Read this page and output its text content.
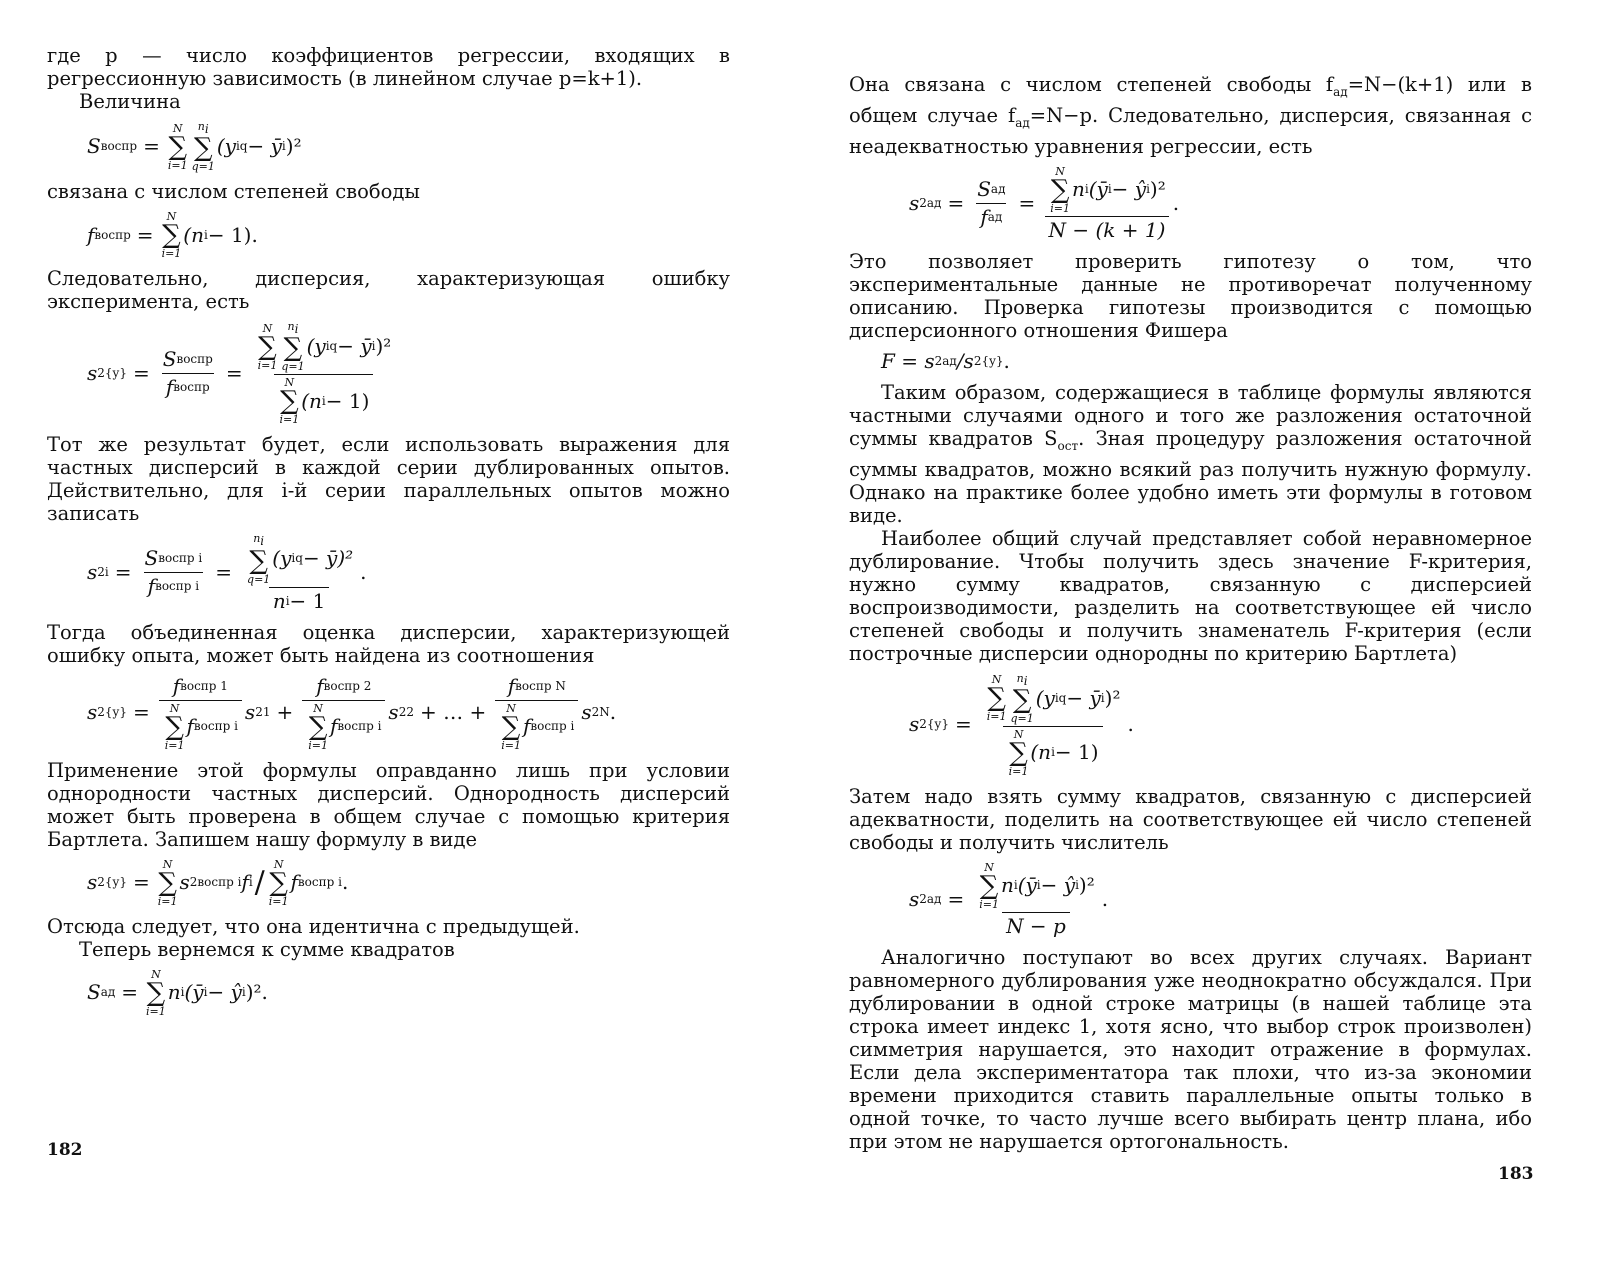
где p — число коэффициентов регрессии, входящих в регрессионную зависимость (в линейном случае p=k+1).

Величина

S воспр =
N
∑
i=1
$n_i$
∑
q=1
(y iq − ȳ i )²

связана с числом степеней свободы

f воспр =
N
∑
i=1
(n i − 1).

Следовательно, дисперсия, характеризующая ошибку эксперимента, есть

s 2 $\{y\} = \frac{\text{S воспр}}{\text{f воспр}} = N$
∑
i=1
$n_i$
∑
q=1
(y iq − ȳ i )²
N
∑
i=1
(n i − 1)

Тот же результат будет, если использовать выражения для частных дисперсий в каждой серии дублированных опытов. Действительно, для i-й серии параллельных опытов можно записать

s 2 $i = \frac{\text{S воспр i}}{\text{f воспр i}} = n_i$
∑
q=1
(y iq − ȳ)²
n i − 1 .

Тогда объединенная оценка дисперсии, характеризующей ошибку опыта, может быть найдена из соотношения

s 2 {y} = f воспр 1
N
∑
i=1
f воспр i s 2 1 + f воспр 2
N
∑
i=1
f воспр i s 2 2 + … + f воспр N
N
∑
i=1
f воспр i s 2 N .

Применение этой формулы оправданно лишь при условии однородности частных дисперсий. Однородность дисперсий может быть проверена в общем случае с помощью критерия Бартлета. Запишем нашу формулу в виде

s 2 {y} =
N
∑
i=1
s 2 воспр i f i /
N
∑
i=1
f воспр i .

Отсюда следует, что она идентична с предыдущей.

Теперь вернемся к сумме квадратов

S ад =
N
∑
i=1
n i (ȳ i − ŷ i )².
182

Она связана с числом степеней свободы $f_{ад}=N-(k+1)$ или в общем случае $f_{ад}=N-p$. Следовательно, дисперсия, связанная с неадекватностью уравнения регрессии, есть

s 2 ад = $\frac{\text{S ад}}{\text{f ад}} = N$
∑
i=1
n i (ȳ i − ŷ i )²
N − (k + 1) .

Это позволяет проверить гипотезу о том, что экспериментальные данные не противоречат полученному описанию. Проверка гипотезы производится с помощью дисперсионного отношения Фишера

F = s 2 ад /s 2 {y} .

Таким образом, содержащиеся в таблице формулы являются частными случаями одного и того же разложения остаточной суммы квадратов $S_{ост}$. Зная процедуру разложения остаточной суммы квадратов, можно всякий раз получить нужную формулу. Однако на практике более удобно иметь эти формулы в готовом виде.

Наиболее общий случай представляет собой неравномерное дублирование. Чтобы получить здесь значение F-критерия, нужно сумму квадратов, связанную с дисперсией воспроизводимости, разделить на соответствующее ей число степеней свободы и получить знаменатель F-критерия (если построчные дисперсии однородны по критерию Бартлета)

s 2 {y} = N
∑
i=1
$n_i$
∑
q=1
(y iq − ȳ i )²
N
∑
i=1
(n i − 1) .

Затем надо взять сумму квадратов, связанную с дисперсией адекватности, поделить на соответствующее ей число степеней свободы и получить числитель

s 2 ад = N
∑
i=1
n i (ȳ i − ŷ i )²
N − p .

Аналогично поступают во всех других случаях. Вариант равномерного дублирования уже неоднократно обсуждался. При дублировании в одной строке матрицы (в нашей таблице эта строка имеет индекс 1, хотя ясно, что выбор строк произволен) симметрия нарушается, это находит отражение в формулах. Если дела экспериментатора так плохи, что из-за экономии времени приходится ставить параллельные опыты только в одной точке, то часто лучше всего выбирать центр плана, ибо при этом не нарушается ортогональность.

183
